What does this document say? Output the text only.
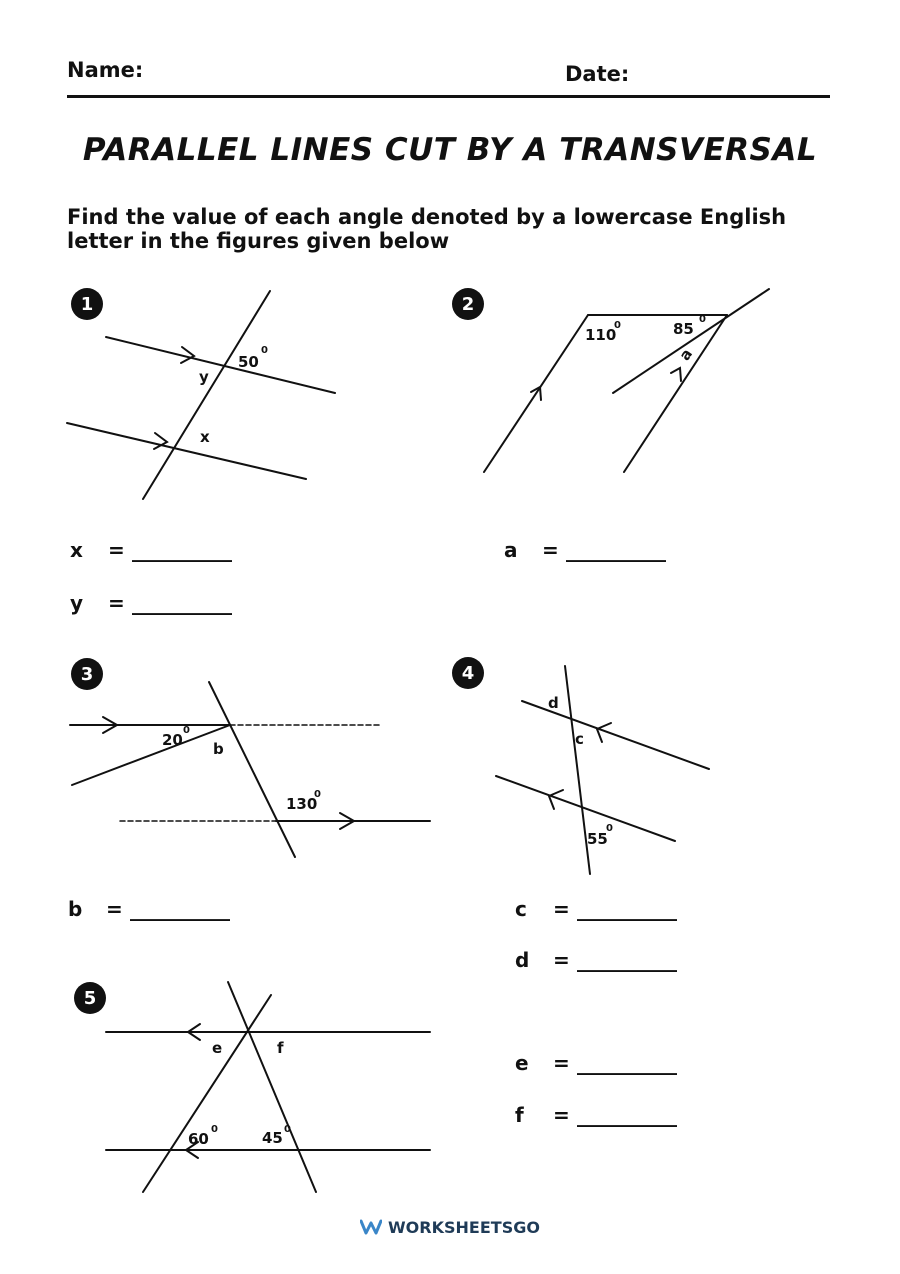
Name:	Date:
PARALLEL LINES CUT BY A TRANSVERSAL
Find the value of each angle denoted by a lowercase English letter in the figures given below
1	2
3	4
5
50
0
y
x
110
0	85
0
a
20
0
b
130
0
d
c
55
0
e	f
60
0	45 0
x	= __________
y	= __________
a	= __________
b	= __________	c	= __________
d	= __________
e	= __________
f	= __________
WORKSHEETSGO
